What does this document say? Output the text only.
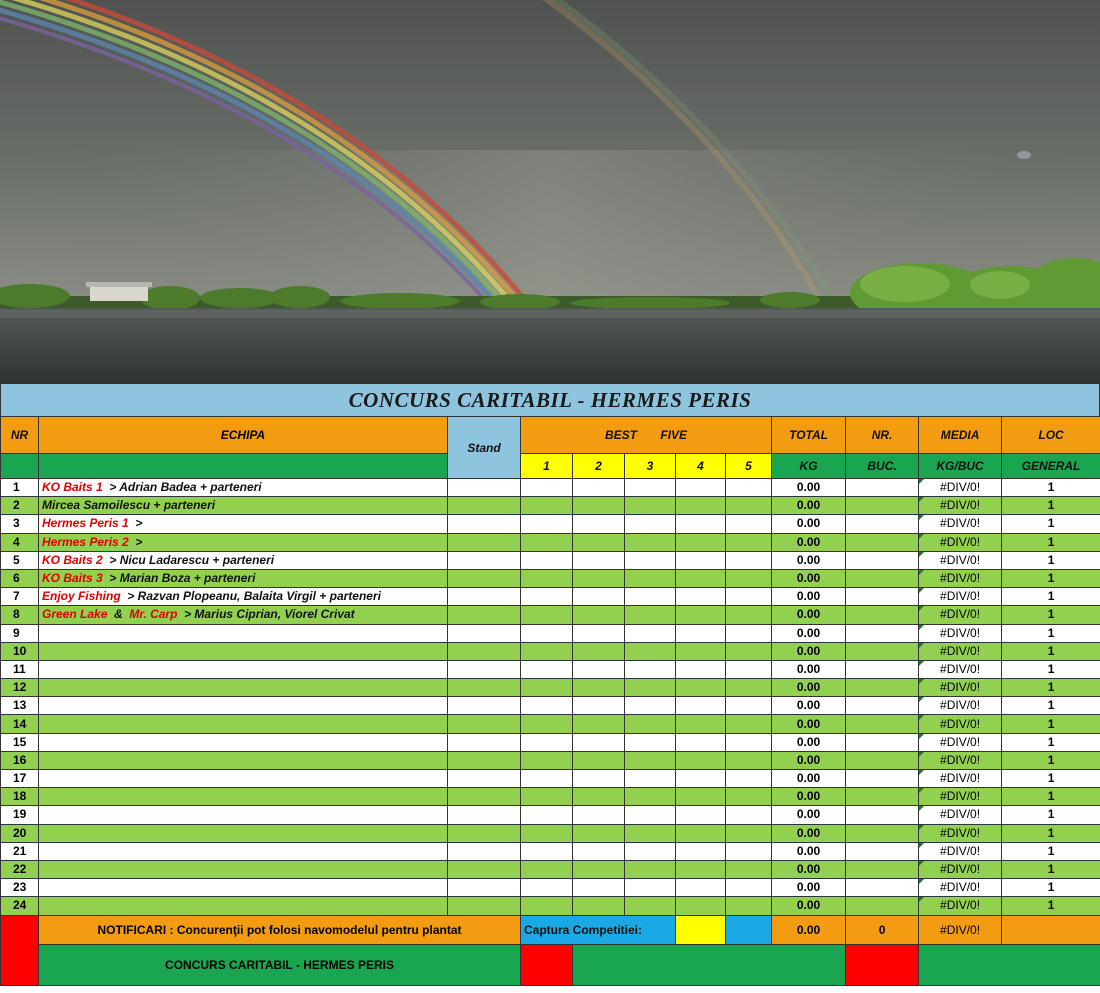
CONCURS CARITABIL - HERMES PERIS
NR	ECHIPA	Stand	BEST FIVE					TOTAL	NR.	MEDIA	LOC
			1	2	3	4	5	KG	BUC.	KG/BUC	GENERAL
1	KO Baits 1  > Adrian Badea + parteneri							0.00		#DIV/0!	1
2	Mircea Samoilescu + parteneri							0.00		#DIV/0!	1
3	Hermes Peris 1  >							0.00		#DIV/0!	1
4	Hermes Peris 2  >							0.00		#DIV/0!	1
5	KO Baits 2  > Nicu Ladarescu + parteneri							0.00		#DIV/0!	1
6	KO Baits 3  > Marian Boza + parteneri							0.00		#DIV/0!	1
7	Enjoy Fishing  > Razvan Plopeanu, Balaita Virgil + parteneri							0.00		#DIV/0!	1
8	Green Lake  &  Mr. Carp  > Marius Ciprian, Viorel Crivat							0.00		#DIV/0!	1
9								0.00		#DIV/0!	1
10								0.00		#DIV/0!	1
11								0.00		#DIV/0!	1
12								0.00		#DIV/0!	1
13								0.00		#DIV/0!	1
14								0.00		#DIV/0!	1
15								0.00		#DIV/0!	1
16								0.00		#DIV/0!	1
17								0.00		#DIV/0!	1
18								0.00		#DIV/0!	1
19								0.00		#DIV/0!	1
20								0.00		#DIV/0!	1
21								0.00		#DIV/0!	1
22								0.00		#DIV/0!	1
23								0.00		#DIV/0!	1
24								0.00		#DIV/0!	1
	NOTIFICARI : Concurenţii pot folosi navomodelul pentru plantat		Captura Competitiei:					0.00	0	#DIV/0!	
	CONCURS CARITABIL - HERMES PERIS										
